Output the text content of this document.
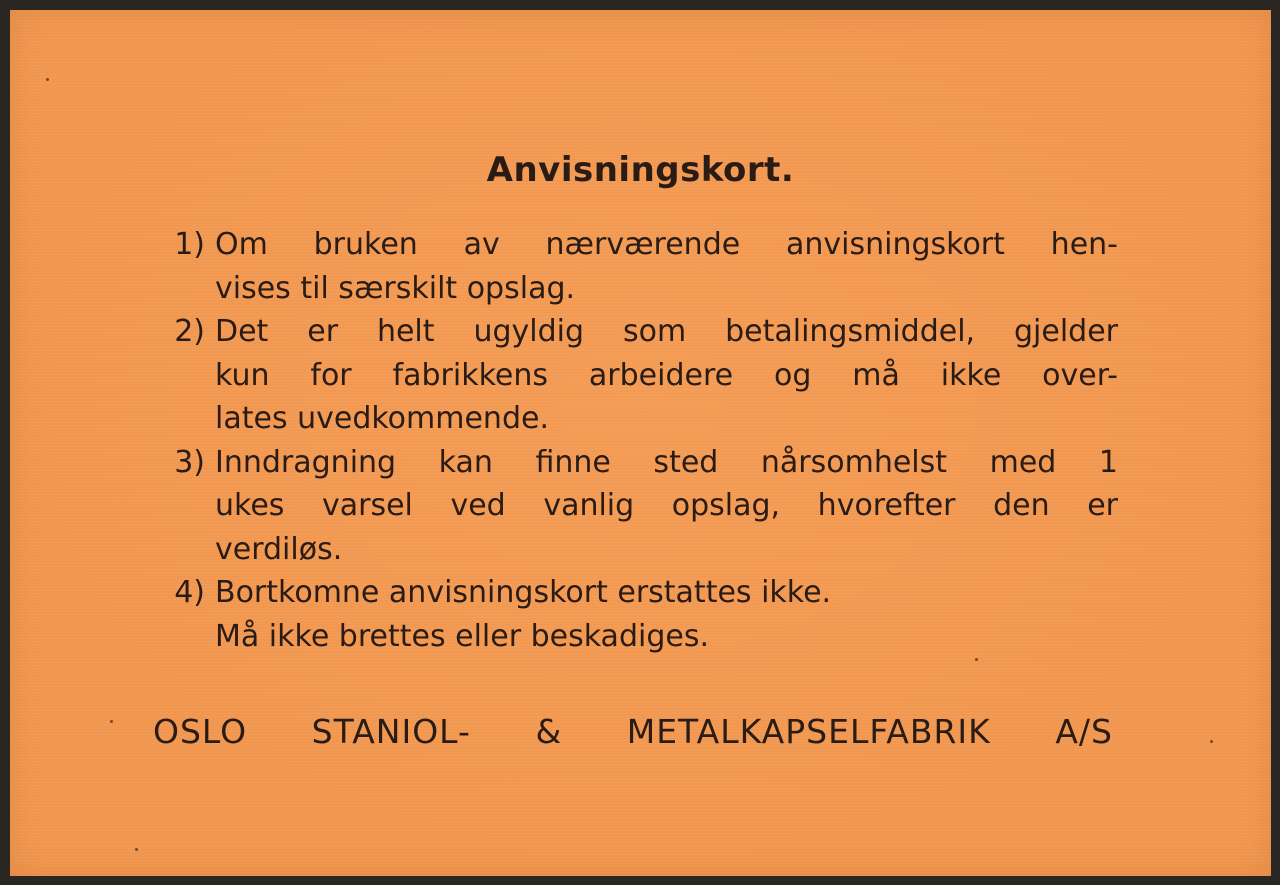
Anvisningskort.
1) Om bruken av nærværende anvisningskort hen-
vises til særskilt opslag.
2) Det er helt ugyldig som betalingsmiddel, gjelder
kun for fabrikkens arbeidere og må ikke over-
lates uvedkommende.
3) Inndragning kan finne sted nårsomhelst med 1
ukes varsel ved vanlig opslag, hvorefter den er
verdiløs.
4) Bortkomne anvisningskort erstattes ikke.
Må ikke brettes eller beskadiges.

OSLO STANIOL- & METALKAPSELFABRIK A/S
